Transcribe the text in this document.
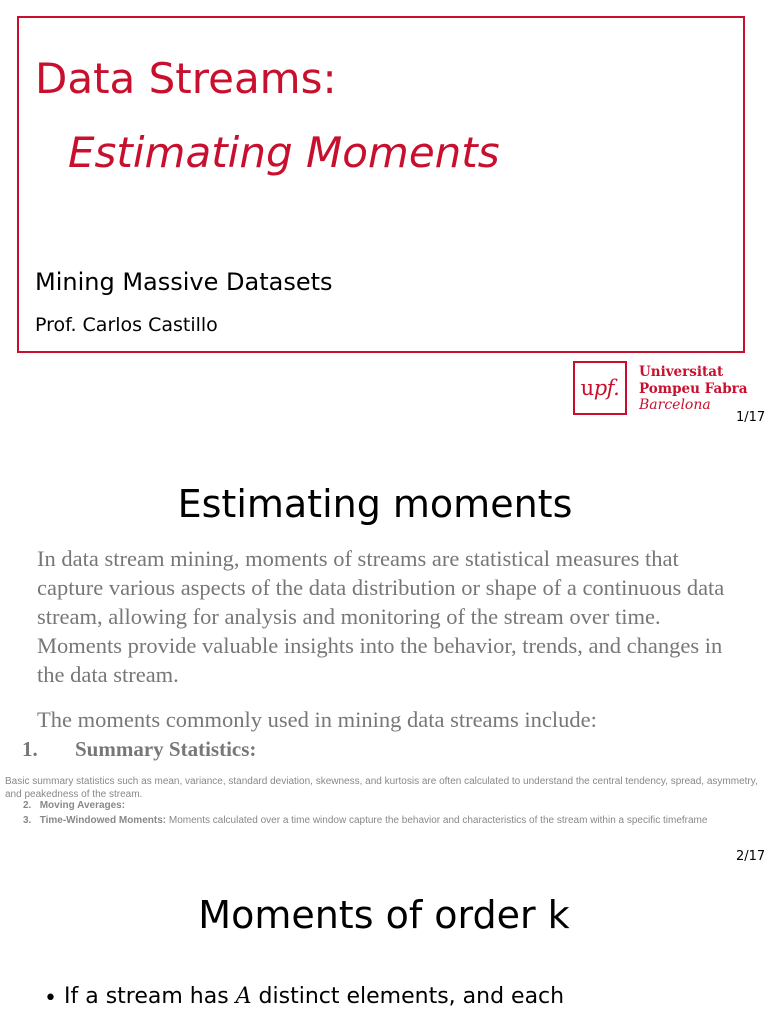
Data Streams:
Estimating Moments
Mining Massive Datasets
Prof. Carlos Castillo
u pf.
Universitat
Pompeu Fabra
Barcelona
1/17
Estimating moments

In data stream mining, moments of streams are statistical measures that capture various aspects of the data distribution or shape of a continuous data stream, allowing for analysis and monitoring of the stream over time. Moments provide valuable insights into the behavior, trends, and changes in the data stream.

The moments commonly used in mining data streams include:
1. Summary Statistics:

Basic summary statistics such as mean, variance, standard deviation, skewness, and kurtosis are often calculated to understand the central tendency, spread, asymmetry, and peakedness of the stream.

2. Moving Averages:
3. Time-Windowed Moments: Moments calculated over a time window capture the behavior and characteristics of the stream within a specific timeframe
2/17
Moments of order k
• If a stream has A distinct elements, and each
